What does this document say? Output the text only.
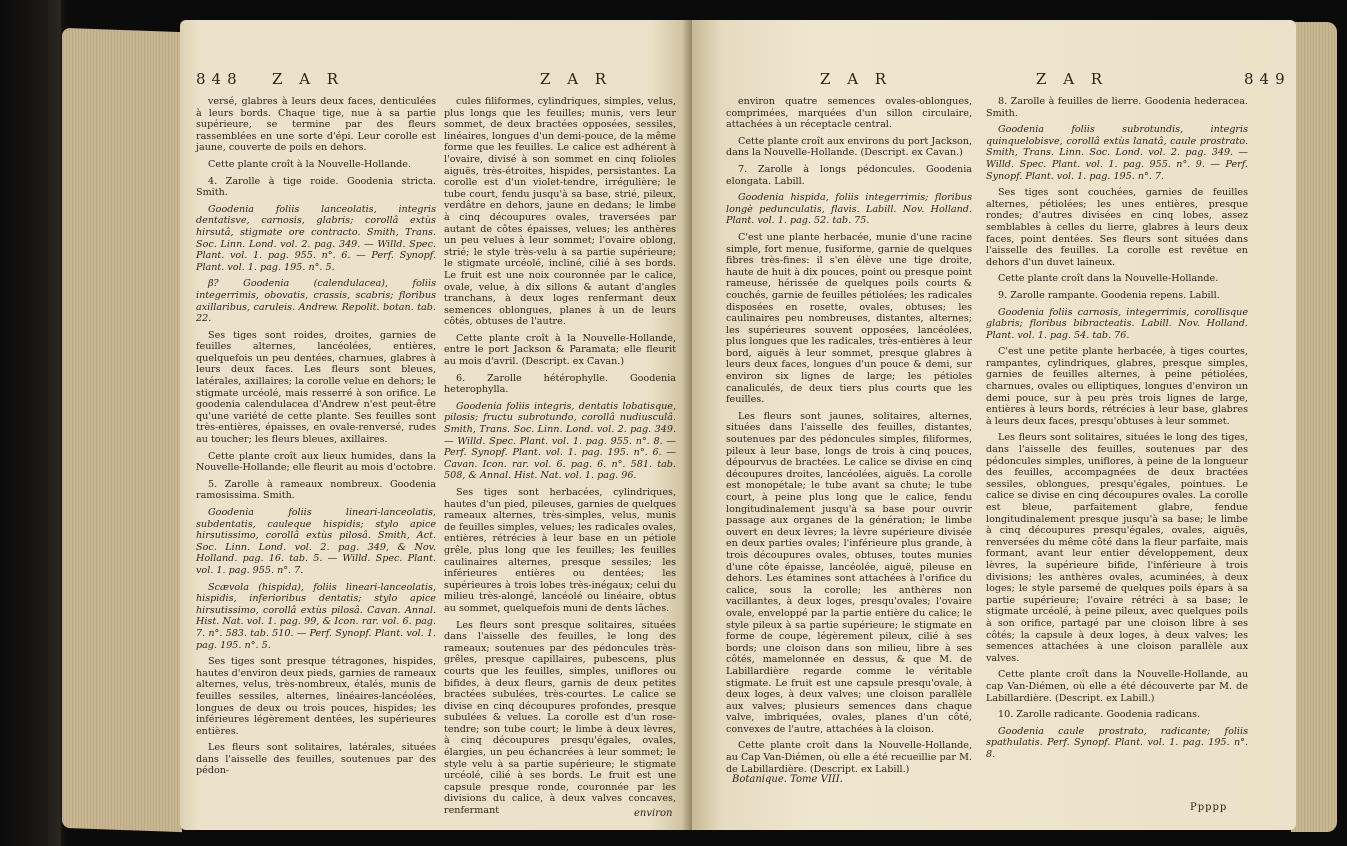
848 Z A R	Z A R

versé, glabres à leurs deux faces, denticulées à leurs bords. Chaque tige, nue à sa partie supérieure, se termine par des fleurs rassemblées en une sorte d'épi. Leur corolle est jaune, couverte de poils en dehors.

Cette plante croît à la Nouvelle-Hollande.

4. Zarolle à tige roide. Goodenia stricta. Smith.

Goodenia foliis lanceolatis, integris dentatisve, carnosis, glabris; corollâ extùs hirsutâ, stigmate ore contracto. Smith, Trans. Soc. Linn. Lond. vol. 2. pag. 349. — Willd. Spec. Plant. vol. 1. pag. 955. n°. 6. — Perf. Synopf. Plant. vol. 1. pag. 195. n°. 5.

β? Goodenia (calendulacea), foliis integerrimis, obovatis, crassis, scabris; floribus axillaribus, caruleis. Andrew. Repolit. botan. tab. 22.

Ses tiges sont roides, droites, garnies de feuilles alternes, lancéolées, entières, quelquefois un peu dentées, charnues, glabres à leurs deux faces. Les fleurs sont bleues, latérales, axillaires; la corolle velue en dehors; le stigmate urcéolé, mais resserré à son orifice. Le goodenia calendulacea d'Andrew n'est peut-être qu'une variété de cette plante. Ses feuilles sont très-entières, épaisses, en ovale-renversé, rudes au toucher; les fleurs bleues, axillaires.

Cette plante croît aux lieux humides, dans la Nouvelle-Hollande; elle fleurit au mois d'octobre.

5. Zarolle à rameaux nombreux. Goodenia ramosissima. Smith.

Goodenia foliis lineari-lanceolatis, subdentatis, cauleque hispidis; stylo apice hirsutissimo, corollâ extùs pilosâ. Smith, Act. Soc. Linn. Lond. vol. 2. pag. 349, & Nov. Holland. pag. 16. tab. 5. — Willd. Spec. Plant. vol. 1. pag. 955. n°. 7.

Scævola (hispida), foliis lineari-lanceolatis, hispidis, inferioribus dentatis; stylo apice hirsutissimo, corollâ extùs pilosâ. Cavan. Annal. Hist. Nat. vol. 1. pag. 99, & Icon. rar. vol. 6. pag. 7. n°. 583. tab. 510. — Perf. Synopf. Plant. vol. 1. pag. 195. n°. 5.

Ses tiges sont presque tétragones, hispides, hautes d'environ deux pieds, garnies de rameaux alternes, velus, très-nombreux, étalés, munis de feuilles sessiles, alternes, linéaires-lancéolées, longues de deux ou trois pouces, hispides; les inférieures légèrement dentées, les supérieures entières.

Les fleurs sont solitaires, latérales, situées dans l'aisselle des feuilles, soutenues par des pédon-

cules filiformes, cylindriques, simples, velus, plus longs que les feuilles; munis, vers leur sommet, de deux bractées opposées, sessiles, linéaires, longues d'un demi-pouce, de la même forme que les feuilles. Le calice est adhérent à l'ovaire, divisé à son sommet en cinq folioles aiguës, très-étroites, hispides, persistantes. La corolle est d'un violet-tendre, irrégulière; le tube court, fendu jusqu'à sa base, strié, pileux, verdâtre en dehors, jaune en dedans; le limbe à cinq découpures ovales, traversées par autant de côtes épaisses, velues; les anthères un peu velues à leur sommet; l'ovaire oblong, strié; le style très-velu à sa partie supérieure; le stigmate urcéolé, incliné, cilié à ses bords. Le fruit est une noix couronnée par le calice, ovale, velue, à dix sillons & autant d'angles tranchans, à deux loges renfermant deux semences oblongues, planes à un de leurs côtés, obtuses de l'autre.

Cette plante croît à la Nouvelle-Hollande, entre le port Jackson & Paramata; elle fleurit au mois d'avril. (Descript. ex Cavan.)

6. Zarolle hétérophylle. Goodenia heterophylla.

Goodenia foliis integris, dentatis lobatisque, pilosis; fructu subrotundo, corollâ nudiusculâ. Smith, Trans. Soc. Linn. Lond. vol. 2. pag. 349. — Willd. Spec. Plant. vol. 1. pag. 955. n°. 8. — Perf. Synopf. Plant. vol. 1. pag. 195. n°. 6. — Cavan. Icon. rar. vol. 6. pag. 6. n°. 581. tab. 508, & Annal. Hist. Nat. vol. 1. pag. 96.

Ses tiges sont herbacées, cylindriques, hautes d'un pied, pileuses, garnies de quelques rameaux alternes, très-simples, velus, munis de feuilles simples, velues; les radicales ovales, entières, rétrécies à leur base en un pétiole grêle, plus long que les feuilles; les feuilles caulinaires alternes, presque sessiles; les inférieures entières ou dentées; les supérieures à trois lobes très-inégaux; celui du milieu très-alongé, lancéolé ou linéaire, obtus au sommet, quelquefois muni de dents lâches.

Les fleurs sont presque solitaires, situées dans l'aisselle des feuilles, le long des rameaux; soutenues par des pédoncules très-grêles, presque capillaires, pubescens, plus courts que les feuilles, simples, uniflores ou bifides, à deux fleurs, garnis de deux petites bractées subulées, très-courtes. Le calice se divise en cinq découpures profondes, presque subulées & velues. La corolle est d'un rose-tendre; son tube court; le limbe à deux lèvres, à cinq découpures presqu'égales, ovales, élargies, un peu échancrées à leur sommet; le style velu à sa partie supérieure; le stigmate urcéolé, cilié à ses bords. Le fruit est une capsule presque ronde, couronnée par les divisions du calice, à deux valves concaves, renfermant	environ
Z A R	Z A R	849

environ quatre semences ovales-oblongues, comprimées, marquées d'un sillon circulaire, attachées à un réceptacle central.

Cette plante croît aux environs du port Jackson, dans la Nouvelle-Hollande. (Descript. ex Cavan.)

7. Zarolle à longs pédoncules. Goodenia elongata. Labill.

Goodenia hispida, foliis integerrimis; floribus longè pedunculatis, flavis. Labill. Nov. Holland. Plant. vol. 1. pag. 52. tab. 75.

C'est une plante herbacée, munie d'une racine simple, fort menue, fusiforme, garnie de quelques fibres très-fines: il s'en élève une tige droite, haute de huit à dix pouces, point ou presque point rameuse, hérissée de quelques poils courts & couchés, garnie de feuilles pétiolées; les radicales disposées en rosette, ovales, obtuses; les caulinaires peu nombreuses, distantes, alternes; les supérieures souvent opposées, lancéolées, plus longues que les radicales, très-entières à leur bord, aiguës à leur sommet, presque glabres à leurs deux faces, longues d'un pouce & demi, sur environ six lignes de large; les pétioles canaliculés, de deux tiers plus courts que les feuilles.

Les fleurs sont jaunes, solitaires, alternes, situées dans l'aisselle des feuilles, distantes, soutenues par des pédoncules simples, filiformes, pileux à leur base, longs de trois à cinq pouces, dépourvus de bractées. Le calice se divise en cinq découpures droites, lancéolées, aiguës. La corolle est monopétale; le tube avant sa chute; le tube court, à peine plus long que le calice, fendu longitudinalement jusqu'à sa base pour ouvrir passage aux organes de la génération; le limbe ouvert en deux lèvres; la lèvre supérieure divisée en deux parties ovales; l'inférieure plus grande, à trois découpures ovales, obtuses, toutes munies d'une côte épaisse, lancéolée, aiguë, pileuse en dehors. Les étamines sont attachées à l'orifice du calice, sous la corolle; les anthères non vacillantes, à deux loges, presqu'ovales; l'ovaire ovale, enveloppé par la partie entière du calice; le style pileux à sa partie supérieure; le stigmate en forme de coupe, légèrement pileux, cilié à ses bords; une cloison dans son milieu, libre à ses côtés, mamelonnée en dessus, & que M. de Labillardière regarde comme le véritable stigmate. Le fruit est une capsule presqu'ovale, à deux loges, à deux valves; une cloison parallèle aux valves; plusieurs semences dans chaque valve, imbriquées, ovales, planes d'un côté, convexes de l'autre, attachées à la cloison.

Cette plante croît dans la Nouvelle-Hollande, au Cap Van-Diémen, où elle a été recueillie par M. de Labillardière. (Descript. ex Labill.)

8. Zarolle à feuilles de lierre. Goodenia hederacea. Smith.

Goodenia foliis subrotundis, integris quinquelobisve, corollâ extùs lanatâ, caule prostrato. Smith, Trans. Linn. Soc. Lond. vol. 2. pag. 349. — Willd. Spec. Plant. vol. 1. pag. 955. n°. 9. — Perf. Synopf. Plant. vol. 1. pag. 195. n°. 7.

Ses tiges sont couchées, garnies de feuilles alternes, pétiolées; les unes entières, presque rondes; d'autres divisées en cinq lobes, assez semblables à celles du lierre, glabres à leurs deux faces, point dentées. Ses fleurs sont situées dans l'aisselle des feuilles. La corolle est revêtue en dehors d'un duvet laineux.

Cette plante croît dans la Nouvelle-Hollande.

9. Zarolle rampante. Goodenia repens. Labill.

Goodenia foliis carnosis, integerrimis, corollisque glabris; floribus bibracteatis. Labill. Nov. Holland. Plant. vol. 1. pag. 54. tab. 76.

C'est une petite plante herbacée, à tiges courtes, rampantes, cylindriques, glabres, presque simples, garnies de feuilles alternes, à peine pétiolées, charnues, ovales ou elliptiques, longues d'environ un demi pouce, sur à peu près trois lignes de large, entières à leurs bords, rétrécies à leur base, glabres à leurs deux faces, presqu'obtuses à leur sommet.

Les fleurs sont solitaires, situées le long des tiges, dans l'aisselle des feuilles, soutenues par des pédoncules simples, uniflores, à peine de la longueur des feuilles, accompagnées de deux bractées sessiles, oblongues, presqu'égales, pointues. Le calice se divise en cinq découpures ovales. La corolle est bleue, parfaitement glabre, fendue longitudinalement presque jusqu'à sa base; le limbe à cinq découpures presqu'égales, ovales, aiguës, renversées du même côté dans la fleur parfaite, mais formant, avant leur entier développement, deux lèvres, la supérieure bifide, l'inférieure à trois divisions; les anthères ovales, acuminées, à deux loges; le style parsemé de quelques poils épars à sa partie supérieure; l'ovaire rétréci à sa base; le stigmate urcéolé, à peine pileux, avec quelques poils à son orifice, partagé par une cloison libre à ses côtés; la capsule à deux loges, à deux valves; les semences attachées à une cloison parallèle aux valves.

Cette plante croît dans la Nouvelle-Hollande, au cap Van-Diémen, où elle a été découverte par M. de Labillardière. (Descript. ex Labill.)

10. Zarolle radicante. Goodenia radicans.

Goodenia caule prostrato, radicante; foliis spathulatis. Perf. Synopf. Plant. vol. 1. pag. 195. n°. 8.

Botanique. Tome VIII.
Ppppp
